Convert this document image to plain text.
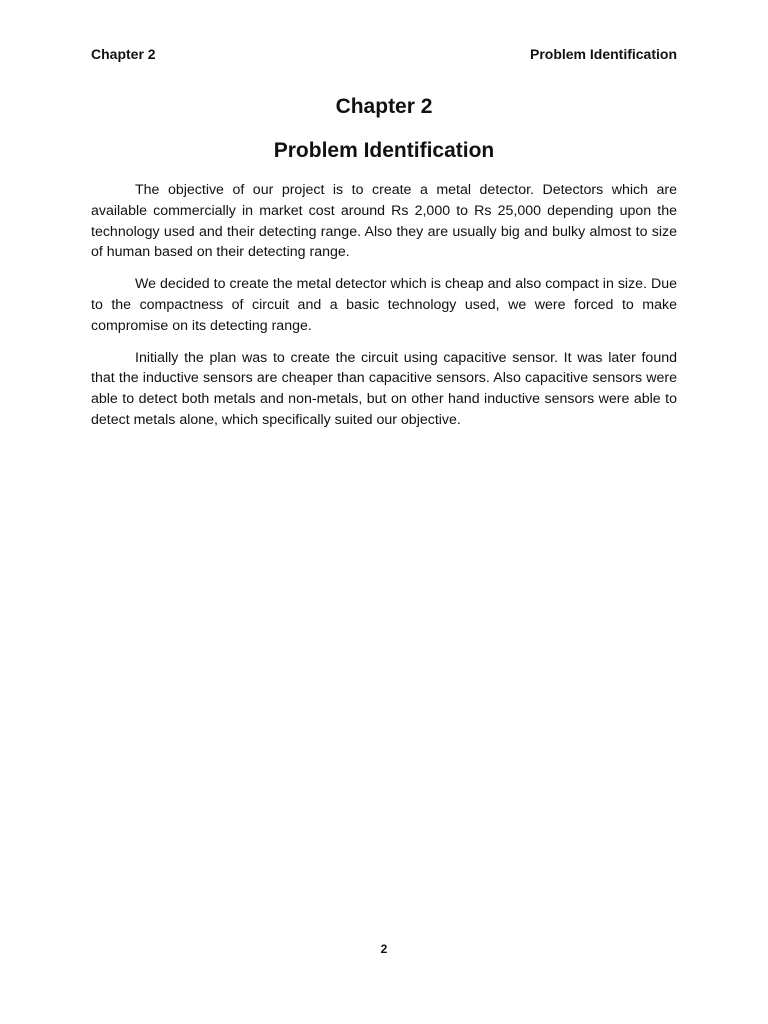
Chapter 2	Problem Identification
Chapter 2
Problem Identification

The objective of our project is to create a metal detector. Detectors which are available commercially in market cost around Rs 2,000 to Rs 25,000 depending upon the technology used and their detecting range. Also they are usually big and bulky almost to size of human based on their detecting range.

We decided to create the metal detector which is cheap and also compact in size. Due to the compactness of circuit and a basic technology used, we were forced to make compromise on its detecting range.

Initially the plan was to create the circuit using capacitive sensor. It was later found that the inductive sensors are cheaper than capacitive sensors. Also capacitive sensors were able to detect both metals and non-metals, but on other hand inductive sensors were able to detect metals alone, which specifically suited our objective.

2
